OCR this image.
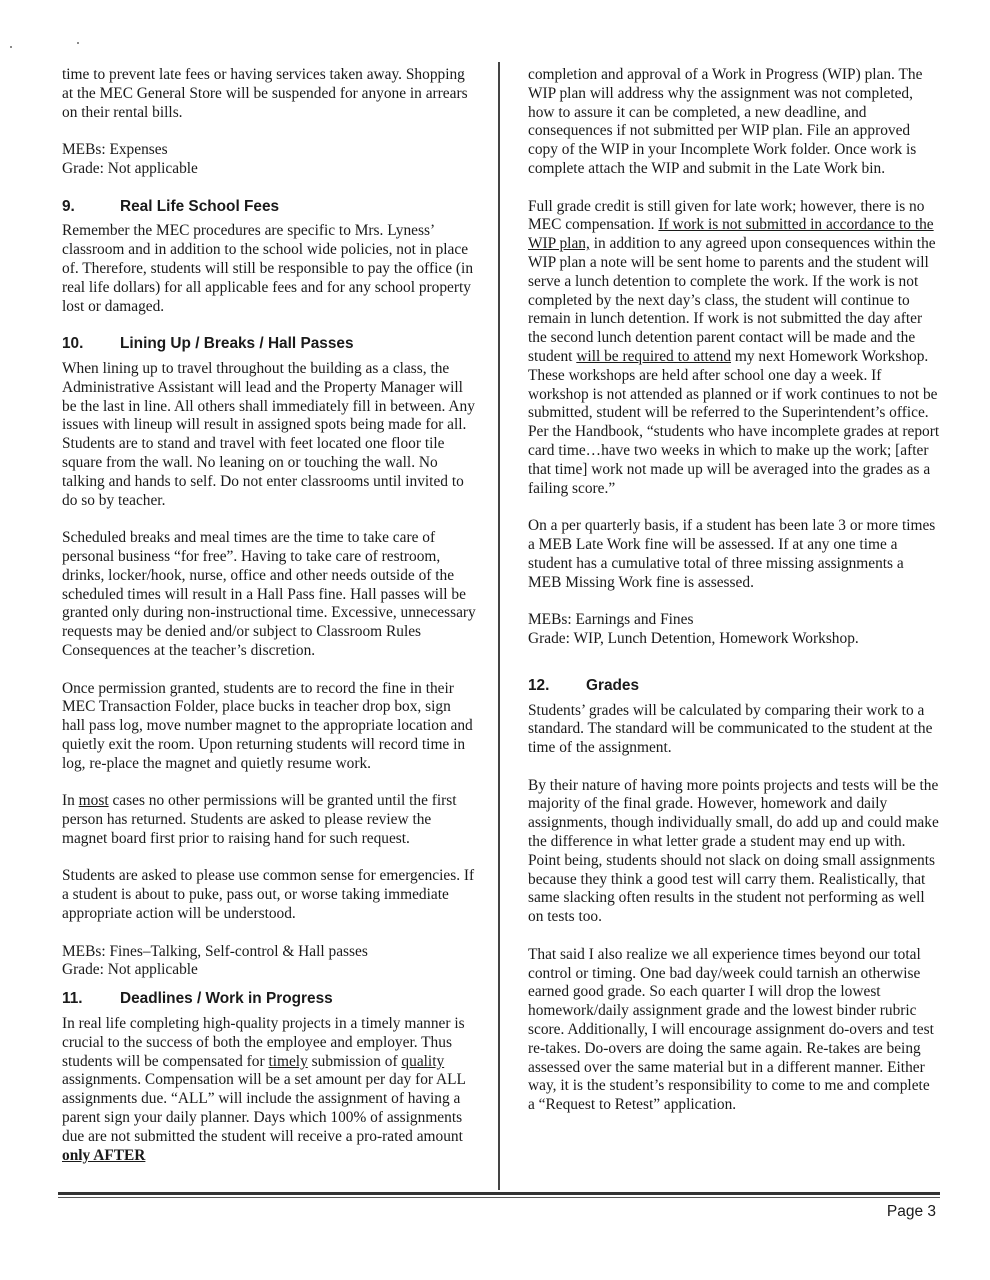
time to prevent late fees or having services taken away. Shopping at the MEC General Store will be suspended for anyone in arrears on their rental bills.

MEBs: Expenses

Grade: Not applicable

9.	Real Life School Fees

Remember the MEC procedures are specific to Mrs. Lyness’ classroom and in addition to the school wide policies, not in place of. Therefore, students will still be responsible to pay the office (in real life dollars) for all applicable fees and for any school property lost or damaged.

10.	Lining Up / Breaks / Hall Passes

When lining up to travel throughout the building as a class, the Administrative Assistant will lead and the Property Manager will be the last in line. All others shall immediately fill in between. Any issues with lineup will result in assigned spots being made for all. Students are to stand and travel with feet located one floor tile square from the wall. No leaning on or touching the wall. No talking and hands to self. Do not enter classrooms until invited to do so by teacher.

Scheduled breaks and meal times are the time to take care of personal business “for free”. Having to take care of restroom, drinks, locker/hook, nurse, office and other needs outside of the scheduled times will result in a Hall Pass fine. Hall passes will be granted only during non-instructional time. Excessive, unnecessary requests may be denied and/or subject to Classroom Rules Consequences at the teacher’s discretion.

Once permission granted, students are to record the fine in their MEC Transaction Folder, place bucks in teacher drop box, sign hall pass log, move number magnet to the appropriate location and quietly exit the room. Upon returning students will record time in log, re-place the magnet and quietly resume work.

In most cases no other permissions will be granted until the first person has returned. Students are asked to please review the magnet board first prior to raising hand for such request.

Students are asked to please use common sense for emergencies. If a student is about to puke, pass out, or worse taking immediate appropriate action will be understood.

MEBs: Fines–Talking, Self-control & Hall passes

Grade: Not applicable

11.	Deadlines / Work in Progress

In real life completing high-quality projects in a timely manner is crucial to the success of both the employee and employer. Thus students will be compensated for timely submission of quality assignments. Compensation will be a set amount per day for ALL assignments due. “ALL” will include the assignment of having a parent sign your daily planner. Days which 100% of assignments due are not submitted the student will receive a pro-rated amount only AFTER

completion and approval of a Work in Progress (WIP) plan. The WIP plan will address why the assignment was not completed, how to assure it can be completed, a new deadline, and consequences if not submitted per WIP plan. File an approved copy of the WIP in your Incomplete Work folder. Once work is complete attach the WIP and submit in the Late Work bin.

Full grade credit is still given for late work; however, there is no MEC compensation. If work is not submitted in accordance to the WIP plan, in addition to any agreed upon consequences within the WIP plan a note will be sent home to parents and the student will serve a lunch detention to complete the work. If the work is not completed by the next day’s class, the student will continue to remain in lunch detention. If work is not submitted the day after the second lunch detention parent contact will be made and the student will be required to attend my next Homework Workshop. These workshops are held after school one day a week. If workshop is not attended as planned or if work continues to not be submitted, student will be referred to the Superintendent’s office. Per the Handbook, “students who have incomplete grades at report card time…have two weeks in which to make up the work; [after that time] work not made up will be averaged into the grades as a failing score.”

On a per quarterly basis, if a student has been late 3 or more times a MEB Late Work fine will be assessed. If at any one time a student has a cumulative total of three missing assignments a MEB Missing Work fine is assessed.

MEBs: Earnings and Fines

Grade: WIP, Lunch Detention, Homework Workshop.

12.	Grades

Students’ grades will be calculated by comparing their work to a standard. The standard will be communicated to the student at the time of the assignment.

By their nature of having more points projects and tests will be the majority of the final grade. However, homework and daily assignments, though individually small, do add up and could make the difference in what letter grade a student may end up with. Point being, students should not slack on doing small assignments because they think a good test will carry them. Realistically, that same slacking often results in the student not performing as well on tests too.

That said I also realize we all experience times beyond our total control or timing. One bad day/week could tarnish an otherwise earned good grade. So each quarter I will drop the lowest homework/daily assignment grade and the lowest binder rubric score. Additionally, I will encourage assignment do-overs and test re-takes. Do-overs are doing the same again. Re-takes are being assessed over the same material but in a different manner. Either way, it is the student’s responsibility to come to me and complete a “Request to Retest” application.

Page 3
